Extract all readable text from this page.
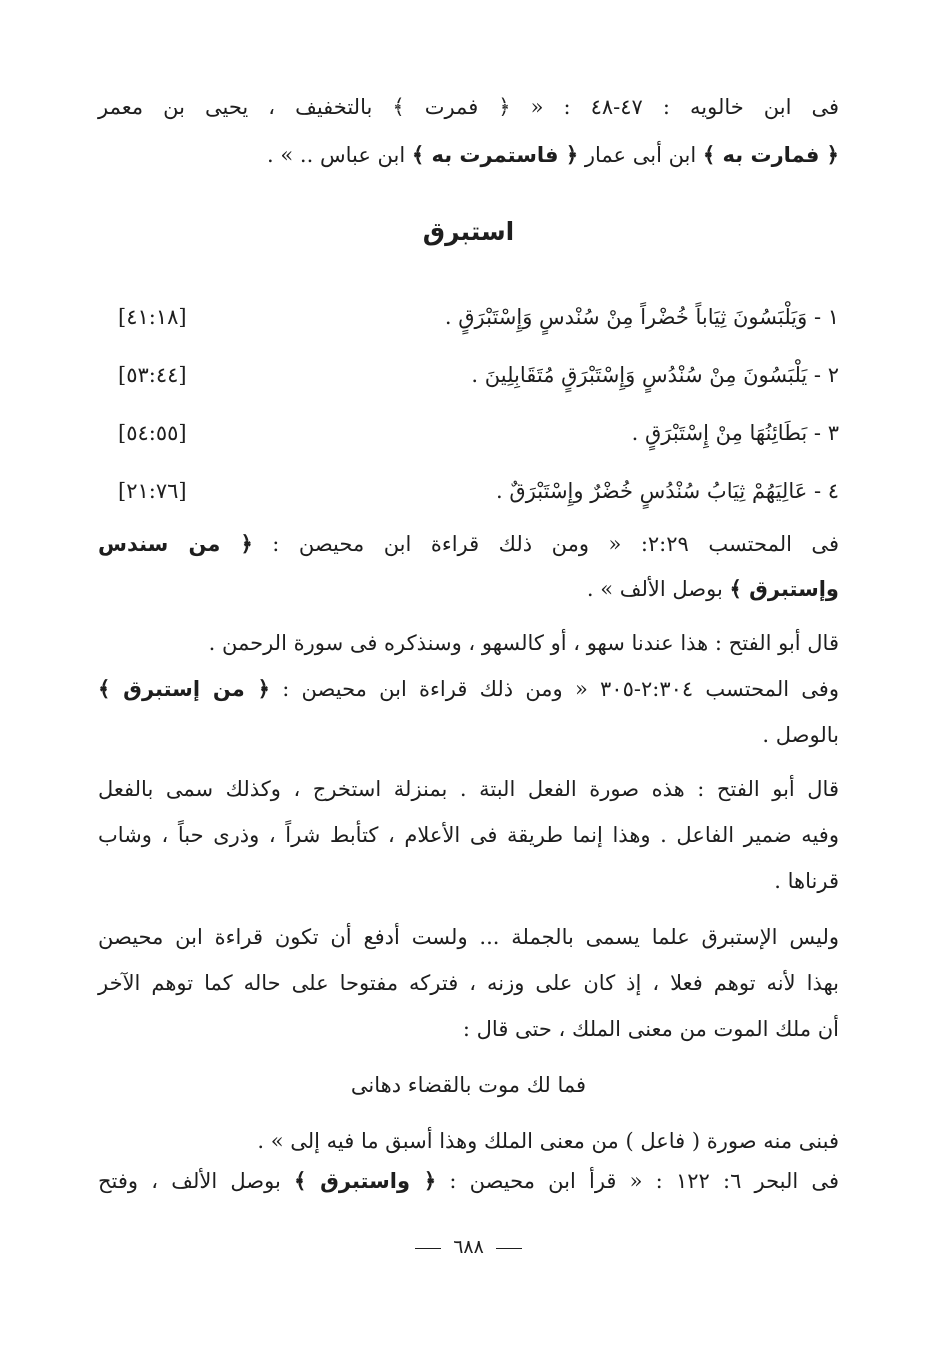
فى ابن خالويه : ٤٧-٤٨ : « ﴿ فمرت ﴾ بالتخفيف ، يحيى بن معمر
﴿ فمارت به ﴾ ابن أبى عمار ﴿ فاستمرت به ﴾ ابن عباس .. » .
استبرق
١ - وَيَلْبَسُونَ ثِيَاباً خُضْراً مِنْ سُنْدسٍ وَإِسْتَبْرَقٍ .
[٤١:١٨]
٢ - يَلْبَسُونَ مِنْ سُنْدُسٍ وَإِسْتَبْرَقٍ مُتَقَابِلِينَ .
[٥٣:٤٤]
٣ - بَطَائِنُهَا مِنْ إِسْتَبْرَقٍ .
[٥٤:٥٥]
٤ - عَالِيَهُمْ ثِيَابُ سُنْدُسٍ خُضْرٌ وإِسْتَبْرَقٌ .
[٢١:٧٦]
فى المحتسب ٢:٢٩: « ومن ذلك قراءة ابن محيصن : ﴿ من سندس
وإستبرق ﴾ بوصل الألف » .
قال أبو الفتح : هذا عندنا سهو ، أو كالسهو ، وسنذكره فى سورة الرحمن .
وفى المحتسب ٢:٣٠٤-٣٠٥ « ومن ذلك قراءة ابن محيصن : ﴿ من إستبرق ﴾
بالوصل .
قال أبو الفتح : هذه صورة الفعل البتة . بمنزلة استخرج ، وكذلك سمى بالفعل
وفيه ضمير الفاعل . وهذا إنما طريقة فى الأعلام ، كتأبط شراً ، وذرى حباً ، وشاب
قرناها .
وليس الإستبرق علما يسمى بالجملة ... ولست أدفع أن تكون قراءة ابن محيصن
بهذا لأنه توهم فعلا ، إذ كان على وزنه ، فتركه مفتوحا على حاله كما توهم الآخر
أن ملك الموت من معنى الملك ، حتى قال :
فما لك موت بالقضاء دهانى
فبنى منه صورة ( فاعل ) من معنى الملك وهذا أسبق ما فيه إلى » .
فى البحر ٦: ١٢٢ : « قرأ ابن محيصن : ﴿ واستبرق ﴾ بوصل الألف ، وفتح
٦٨٨
